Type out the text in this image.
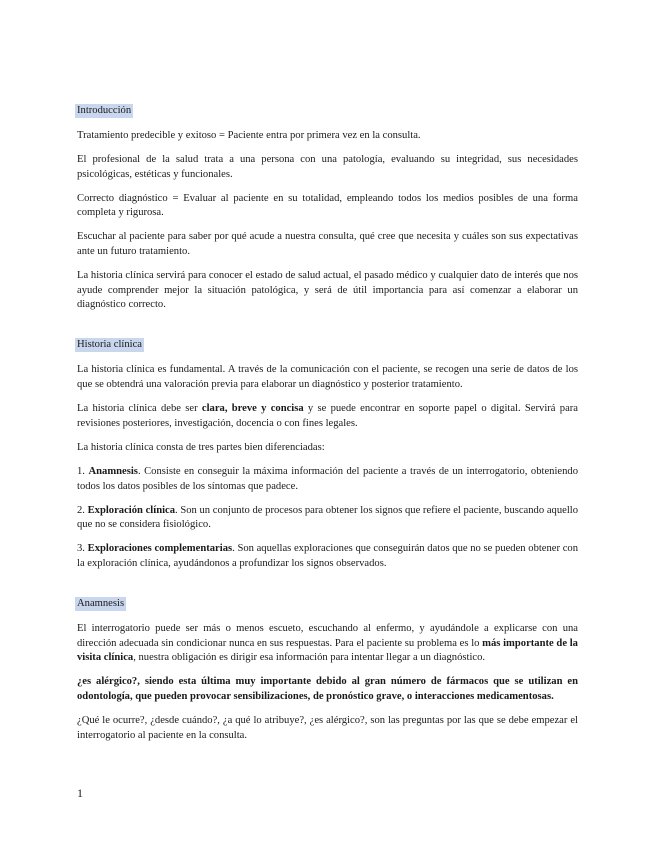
Introducción

Tratamiento predecible y exitoso = Paciente entra por primera vez en la consulta.

El profesional de la salud trata a una persona con una patología, evaluando su integridad, sus necesidades psicológicas, estéticas y funcionales.

Correcto diagnóstico = Evaluar al paciente en su totalidad, empleando todos los medios posibles de una forma completa y rigurosa.

Escuchar al paciente para saber por qué acude a nuestra consulta, qué cree que necesita y cuáles son sus expectativas ante un futuro tratamiento.

La historia clínica servirá para conocer el estado de salud actual, el pasado médico y cualquier dato de interés que nos ayude comprender mejor la situación patológica, y será de útil importancia para así comenzar a elaborar un diagnóstico correcto.

Historia clínica

La historia clínica es fundamental. A través de la comunicación con el paciente, se recogen una serie de datos de los que se obtendrá una valoración previa para elaborar un diagnóstico y posterior tratamiento.

La historia clínica debe ser clara, breve y concisa y se puede encontrar en soporte papel o digital. Servirá para revisiones posteriores, investigación, docencia o con fines legales.

La historia clínica consta de tres partes bien diferenciadas:

1. Anamnesis. Consiste en conseguir la máxima información del paciente a través de un interrogatorio, obteniendo todos los datos posibles de los síntomas que padece.

2. Exploración clínica. Son un conjunto de procesos para obtener los signos que refiere el paciente, buscando aquello que no se considera fisiológico.

3. Exploraciones complementarias. Son aquellas exploraciones que conseguirán datos que no se pueden obtener con la exploración clínica, ayudándonos a profundizar los signos observados.

Anamnesis

El interrogatorio puede ser más o menos escueto, escuchando al enfermo, y ayudándole a explicarse con una dirección adecuada sin condicionar nunca en sus respuestas. Para el paciente su problema es lo más importante de la visita clínica, nuestra obligación es dirigir esa información para intentar llegar a un diagnóstico.

¿es alérgico?, siendo esta última muy importante debido al gran número de fármacos que se utilizan en odontología, que pueden provocar sensibilizaciones, de pronóstico grave, o interacciones medicamentosas.

¿Qué le ocurre?, ¿desde cuándo?, ¿a qué lo atribuye?, ¿es alérgico?, son las preguntas por las que se debe empezar el interrogatorio al paciente en la consulta.

1
